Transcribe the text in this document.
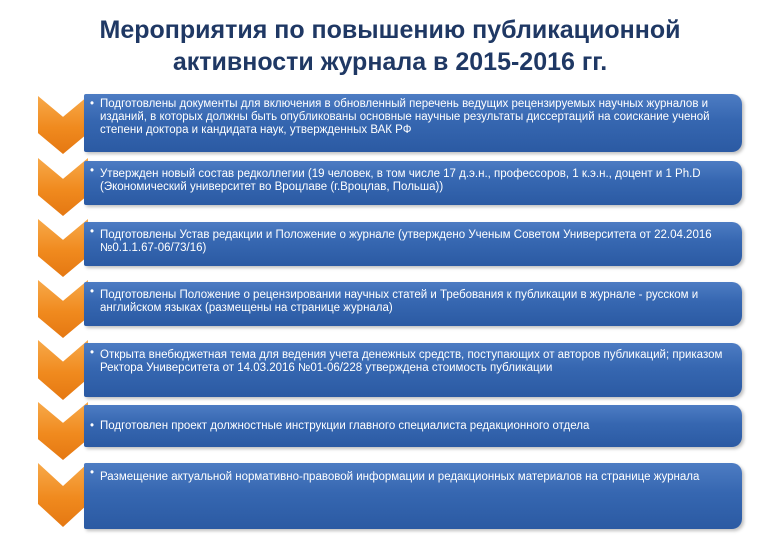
Мероприятия по повышению публикационной
активности журнала в 2015-2016 гг.
• Подготовлены документы для включения в обновленный перечень ведущих рецензируемых научных журналов и изданий, в которых должны быть опубликованы основные научные результаты диссертаций на соискание ученой степени доктора и кандидата наук, утвержденных ВАК РФ
• Утвержден новый состав редколлегии (19 человек, в том числе 17 д.э.н., профессоров, 1 к.э.н., доцент и 1 Ph.D (Экономический университет во Вроцлаве (г.Вроцлав, Польша))
• Подготовлены Устав редакции и Положение о журнале (утверждено Ученым Советом Университета от 22.04.2016 №0.1.1.67-06/73/16)
• Подготовлены Положение о рецензировании научных статей и Требования к публикации в журнале - русском и английском языках (размещены на странице журнала)
• Открыта внебюджетная тема для ведения учета денежных средств, поступающих от авторов публикаций; приказом Ректора Университета от 14.03.2016 №01-06/228 утверждена стоимость публикации
• Подготовлен проект должностные инструкции главного специалиста редакционного отдела
• Размещение актуальной нормативно-правовой информации и редакционных материалов на странице журнала
